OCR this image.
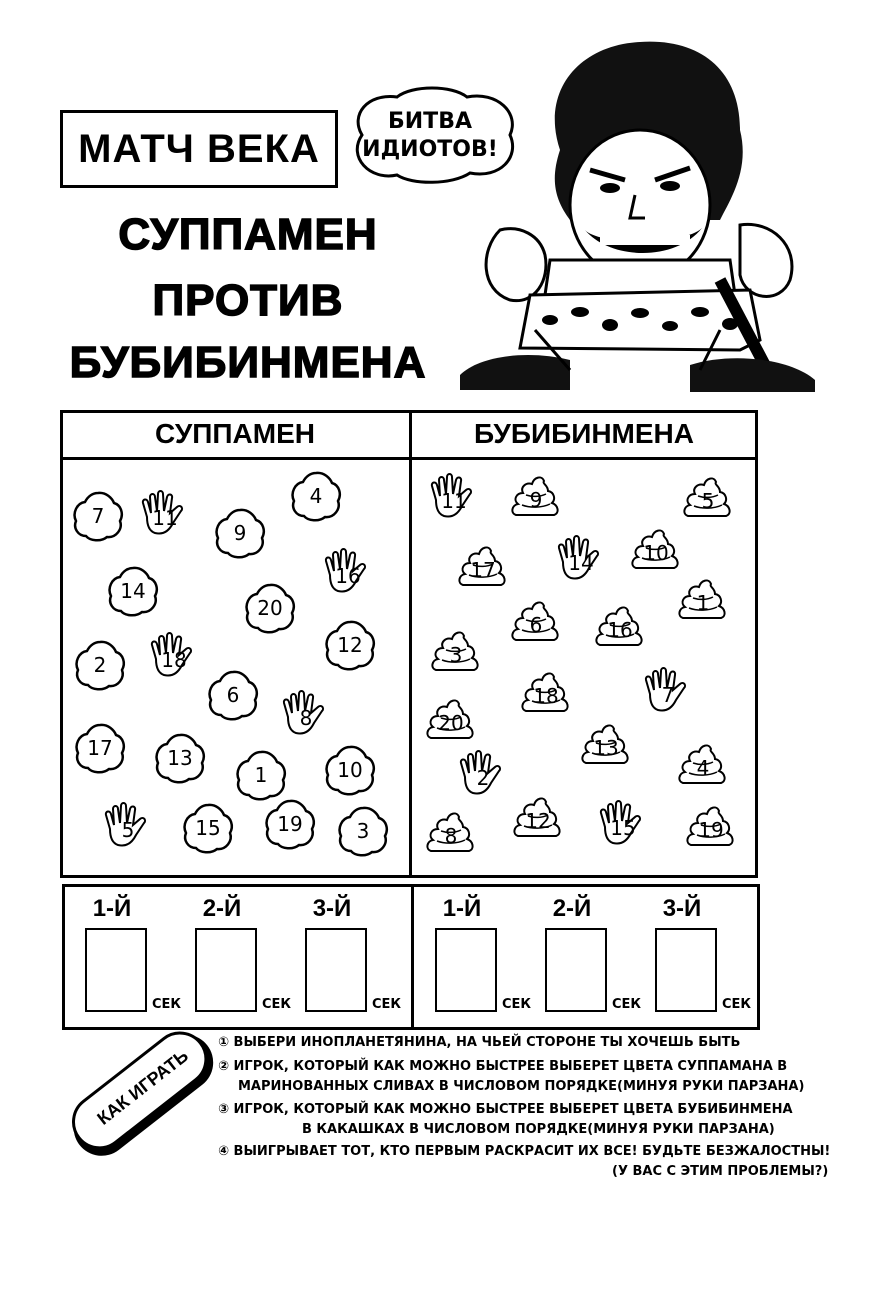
МАТЧ ВЕКА
БИТВА
ИДИОТОВ!
СУППАМЕН
ПРОТИВ
БУБИБИНМЕНА
СУППАМЕН	БУБИБИНМЕНА
7 11
9
4
16
14
20
12
2	18
6
8
17	13
1	10
5	15	19	3
11	9	5
10
17	14
1
6	16
3
18	7
20
13
4
2
12	15	19
8
1-Й
СЕК
2-Й
СЕК
3-Й
СЕК
1-Й
СЕК
2-Й
СЕК
3-Й
СЕК
КАК ИГРАТЬ
① ВЫБЕРИ ИНОПЛАНЕТЯНИНА, НА ЧЬЕЙ СТОРОНЕ ТЫ ХОЧЕШЬ БЫТЬ
② ИГРОК, КОТОРЫЙ КАК МОЖНО БЫСТРЕЕ ВЫБЕРЕТ ЦВЕТА СУППАМАНА В
МАРИНОВАННЫХ СЛИВАХ В ЧИСЛОВОМ ПОРЯДКЕ(МИНУЯ РУКИ ПАРЗАНА)
③ ИГРОК, КОТОРЫЙ КАК МОЖНО БЫСТРЕЕ ВЫБЕРЕТ ЦВЕТА БУБИБИНМЕНА
В КАКАШКАХ В ЧИСЛОВОМ ПОРЯДКЕ(МИНУЯ РУКИ ПАРЗАНА)
④ ВЫИГРЫВАЕТ ТОТ, КТО ПЕРВЫМ РАСКРАСИТ ИХ ВСЕ! БУДЬТЕ БЕЗЖАЛОСТНЫ!
(У ВАС С ЭТИМ ПРОБЛЕМЫ?)
